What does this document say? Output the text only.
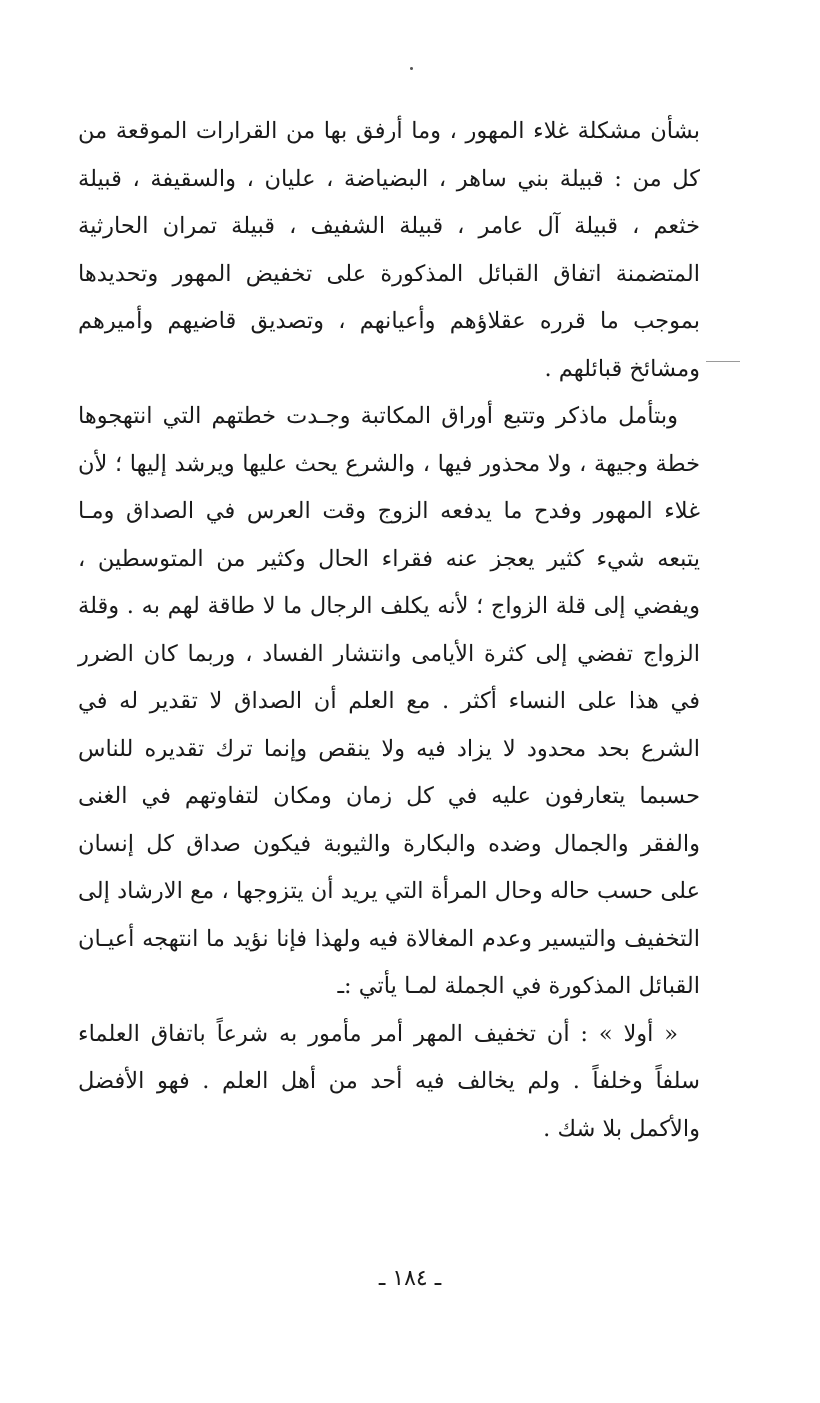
بشأن مشكلة غلاء المهور ، وما أرفق بها من القرارات الموقعة من كل من : قبيلة بني ساهر ، البضياضة ، عليان ، والسقيفة ، قبيلة خثعم ، قبيلة آل عامر ، قبيلة الشفيف ، قبيلة تمران الحارثية المتضمنة اتفاق القبائل المذكورة على تخفيض المهور وتحديدها بموجب ما قرره عقلاؤهم وأعيانهم ، وتصديق قاضيهم وأميرهم ومشائخ قبائلهم .

وبتأمل ماذكر وتتبع أوراق المكاتبة وجـدت خطتهم التي انتهجوها خطة وجيهة ، ولا محذور فيها ، والشرع يحث عليها ويرشد إليها ؛ لأن غلاء المهور وفدح ما يدفعه الزوج وقت العرس في الصداق ومـا يتبعه شيء كثير يعجز عنه فقراء الحال وكثير من المتوسطين ، ويفضي إلى قلة الزواج ؛ لأنه يكلف الرجال ما لا طاقة لهم به . وقلة الزواج تفضي إلى كثرة الأيامى وانتشار الفساد ، وربما كان الضرر في هذا على النساء أكثر . مع العلم أن الصداق لا تقدير له في الشرع بحد محدود لا يزاد فيه ولا ينقص وإنما ترك تقديره للناس حسبما يتعارفون عليه في كل زمان ومكان لتفاوتهم في الغنى والفقر والجمال وضده والبكارة والثيوبة فيكون صداق كل إنسان على حسب حاله وحال المرأة التي يريد أن يتزوجها ، مع الارشاد إلى التخفيف والتيسير وعدم المغالاة فيه ولهذا فإنا نؤيد ما انتهجه أعيـان القبائل المذكورة في الجملة لمـا يأتي :ـ

« أولا » : أن تخفيف المهر أمر مأمور به شرعاً باتفاق العلماء سلفاً وخلفاً . ولم يخالف فيه أحد من أهل العلم . فهو الأفضل والأكمل بلا شك .

ـ ١٨٤ ـ
